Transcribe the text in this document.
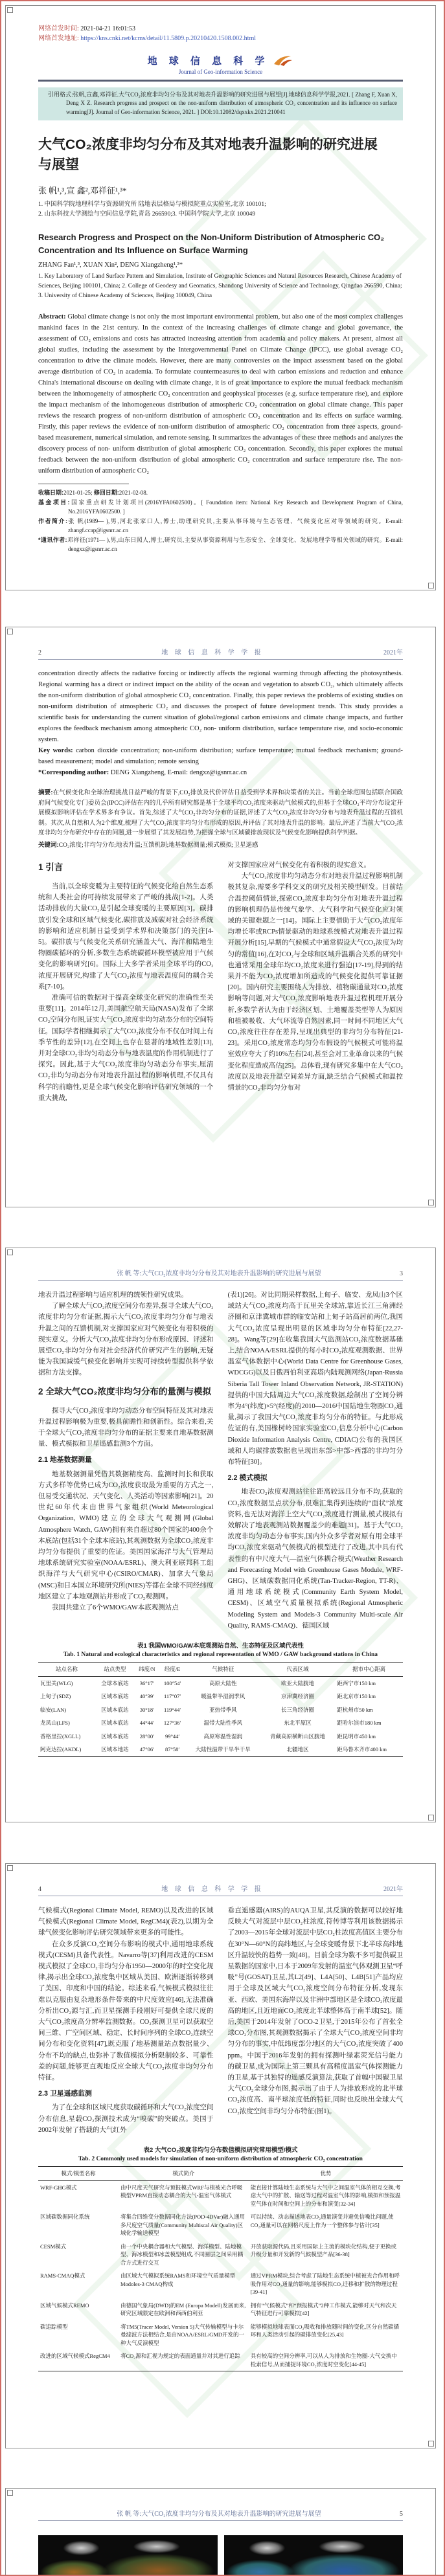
网络首发时间: 2021-04-21 16:01:53
网络首发地址: https://kns.cnki.net/kcms/detail/11.5809.p.20210420.1508.002.html
地 球 信 息 科 学
Journal of Geo-information Science
引用格式:张帆,宣鑫,邓祥征.大气CO₂浓度非均匀分布及其对地表升温影响的研究进展与展望[J].地球信息科学学报,2021. [ Zhang F, Xuan X, Deng X Z. Research progress and prospect on the non-uniform distribution of atmospheric CO₂ concentration and its influence on surface warming[J]. Journal of Geo-information Science, 2021. ] DOI:10.12082/dqxxkx.2021.210041
大气CO₂浓度非均匀分布及其对地表升温影响的研究进展与展望
张 帆¹,³,宣 鑫²,邓祥征¹,³*
1. 中国科学院地理科学与资源研究所 陆地表层格局与模拟院重点实验室,北京 100101;
2. 山东科技大学测绘与空间信息学院,青岛 266590;3. 中国科学院大学,北京 100049
Research Progress and Prospect on the Non-Uniform Distribution of Atmospheric CO₂ Concentration and Its Influence on Surface Warming
ZHANG Fan¹,³, XUAN Xin², DENG Xiangzheng¹,³*
1. Key Laboratory of Land Surface Pattern and Simulation, Institute of Geographic Sciences and Natural Resources Research, Chinese Academy of Sciences, Beijing 100101, China; 2. College of Geodesy and Geomatics, Shandong University of Science and Technology, Qingdao 266590, China; 3. University of Chinese Academy of Sciences, Beijing 100049, China
Abstract: Global climate change is not only the most important environmental problem, but also one of the most complex challenges mankind faces in the 21st century. In the context of the increasing challenges of climate change and global governance, the assessment of CO₂ emissions and costs has attracted increasing attention from academia and policy makers. At present, almost all global studies, including the assessment by the Intergovernmental Panel on Climate Change (IPCC), use global average CO₂ concentration to drive the climate models. However, there are many controversies on the impact assessment based on the global average distribution of CO₂ in academia. To formulate countermeasures to deal with carbon emissions and reduction and enhance China's international discourse on dealing with climate change, it is of great importance to explore the mutual feedback mechanism between the inhomogeneity of atmospheric CO₂ concentration and geophysical processes (e.g. surface temperature rise), and explore the impact mechanism of the inhomogeneous distribution of atmospheric CO₂ concentration on global climate change. This paper reviews the research progress of non-uniform distribution of atmospheric CO₂ concentration and its effects on surface warming. Firstly, this paper reviews the evidence of non-uniform distribution of atmospheric CO₂ concentration from three aspects, ground-based measurement, numerical simulation, and remote sensing. It summarizes the advantages of these three methods and analyzes the discovery process of non- uniform distribution of global atmospheric CO₂ concentration. Secondly, this paper explores the mutual feedback between the non-uniform distribution of global atmospheric CO₂ concentration and surface temperature rise. The non-uniform distribution of atmospheric CO₂
收稿日期:2021-01-25; 修回日期:2021-02-08.
基金项目:国家重点研发计划项目(2016YFA0602500)。[ Foundation item: National Key Research and Development Program of China, No.2016YFA0602500. ]
作者简介:张 帆(1989— ),男,河北张家口人,博士,助理研究员,主要从事环境与生态管理、气候变化应对等领域的研究。E-mail: zhangf.ccap@igsnrr.ac.cn
*通讯作者:邓祥征(1971— ),男,山东日照人,博士,研究员,主要从事资源利用与生态安全、全球变化、发展地理学等相关领域的研究。E-mail: dengxz@igsnrr.ac.cn
2	地 球 信 息 科 学 学 报	2021年
concentration directly affects the radiative forcing or indirectly affects the regional warming through affecting the photosynthesis. Regional warming has a direct or indirect impact on the ability of the ocean and vegetation to absorb CO₂, which ultimately affects the non-uniform distribution of global atmospheric CO₂ concentration. Finally, this paper reviews the problems of existing studies on non-uniform distribution of atmospheric CO₂ and discusses the prospect of future development trends. This study provides a scientific basis for understanding the current situation of global/regional carbon emissions and climate change impacts, and further explores the feedback mechanism among atmospheric CO₂ non- uniform distribution, surface temperature rise, and socio-economic system.
Key words: carbon dioxide concentration; non-uniform distribution; surface temperature; mutual feedback mechanism; ground-based measurement; model and simulation; remote sensing
*Corresponding author: DENG Xiangzheng, E-mail: dengxz@igsnrr.ac.cn
摘要:在气候变化和全球治理挑战日益严峻的背景下,CO₂排放及代价评估日益受到学术界和决策者的关注。当前全球范围包括联合国政府间气候变化专门委员会(IPCC)评估在内的几乎所有研究都是基于全球平均CO₂浓度来驱动气候模式的,但基于全球CO₂平均分布设定开展模拟影响评估在学术界多有争议。首先,综述了大气CO₂非均匀分布的证据,评述了大气CO₂浓度非均匀分布与地表升温过程的互馈机制。其次,从自然和人为2个维度,梳理了大气CO₂浓度非均匀分布形成的原因,并评估了其对地表升温的影响。最后,评述了当前大气CO₂浓度非均匀分布研究中存在的问题,进一步展望了其发展趋势,为把握全球与区域碳排放现状及气候变化影响提供科学判据。
关键词:CO₂浓度;非均匀分布;地表升温;互馈机制;地基数据测量;模式模拟;卫星遥感
1 引言

当前,以全球变暖为主要特征的气候变化给自然生态系统和人类社会的可持续发展带来了严峻的挑战[1-2]。人类活动排放的大量CO₂是引起全球变暖的主要原因[3]。碳排放引发全球和区域气候变化,碳排放及减碳对社会经济系统的影响和适应机制日益受到学术界和决策部门的关注[4-5]。碳排放与气候变化关系研究涵盖大气、海洋和陆地生物圈碳循环的分析,多数生态系统碳循环模型被应用于气候变化的影响研究[6]。国际上大多学者采用全球平均的CO₂浓度开展研究,构建了大气CO₂浓度与地表温度间的耦合关系[7-10]。

准确可信的数据对于提高全球变化研究的准确性至关重要[11]。2014年12月,美国航空航天局(NASA)发布了全球CO₂空间分布图,证实大气CO₂浓度非均匀动态分布的空间特征。国际学者相继揭示了大气CO₂浓度分布不仅在时间上有季节性的差异[12],在空间上也存在显著的地域性差别[13],并对全球CO₂非均匀动态分布与地表温度的作用机制进行了探究。因此,基于大气CO₂浓度非均匀动态分布事实,厘清CO₂非均匀动态分布对地表升温过程的影响机理,不仅具有科学的前瞻性,更是全球气候变化影响评估研究领域的一个重大挑战,

对支撑国家应对气候变化有着积极的现实意义。

大气CO₂浓度非均匀动态分布对地表升温过程影响机制极其复杂,需要多学科交叉的研究及相关模型研发。目前结合温控阈值情景,探索CO₂浓度非均匀分布对地表升温过程的影响机理仍是传统气象学、大气科学和气候变化应对领域的关键难题之一[14]。国际上主要借助于大气CO₂浓度年均增长率或RCPs情景驱动的地球系统模式对地表升温过程开展分析[15],早期的气候模式中通常假设大气CO₂浓度为均匀的常值[16],在对CO₂与全球和区域升温耦合关系的研究中也通常采用全球年均CO₂浓度来进行强迫[17-19],得到的结果并不能为CO₂浓度增加所造成的气候变化提供可靠证据[20]。国内研究主要围绕人为排放、植物碳通量对CO₂浓度影响等问题,对大气CO₂浓度影响地表升温过程机理开展分析,多数学者认为由于经济区划、土地覆盖类型等人为原因和植被吸收、大气环流等自然因素,同一时间不同地区大气CO₂浓度往往存在差异,呈现出典型的非均匀分布特征[21-23]。采用CO₂浓度常态均匀分布假设的气候模式可能将温室效应夸大了约10%左右[24],甚至会对工业革命以来的气候变化程度造成高估[25]。总体看,现有研究多集中在大气CO₂浓度以及地表升温空间差异方面,缺乏结合气候模式和温控情景的CO₂非均匀分布对

张 帆 等:大气CO₂浓度非均匀分布及其对地表升温影响的研究进展与展望	3

地表升温过程影响与适应机理的统领性研究成果。

了解全球大气CO₂浓度空间分布差异,探寻全球大气CO₂浓度非均匀分布证据,揭示大气CO₂浓度非均匀分布与地表升温之间的互馈机制,对支撑国家应对气候变化有着积极的现实意义。分析大气CO₂浓度非均匀分布形成原因、评述和展望CO₂非均匀分布对社会经济代价研究产生的影响,无疑能为我国减缓气候变化影响并实现可持续转型提供科学依据和方法支撑。

2 全球大气CO₂浓度非均匀分布的量测与模拟

探寻大气CO₂浓度非均匀动态分布空间特征及其对地表升温过程影响极为重要,极具前瞻性和创新性。综合来看,关于全球大气CO₂浓度非均匀分布的证据主要来自地基数据测量、模式模拟和卫星遥感监测3个方面。

2.1 地基数据测量

地基数据测量凭借其数据精度高、监测时间长和获取方式多样等优势已成为CO₂浓度获取最为重要的方式之一,但易受交通状况、天气变化、人类活动等因素影响[21]。20世纪60年代末由世界气象组织(World Meteorological Organization, WMO)建立的全球大气观测网(Global Atmosphere Watch, GAW)拥有来自超过80个国家的400余个本底站(包括31个全球本底站),其观测数据为全球CO₂浓度非均匀分布提供了重要的佐证。美国国家海洋与大气管理局地球系统研究实验室(NOAA/ESRL)、澳大利亚联邦科工组织海洋与大气研究中心(CSIRO/CMAR)、加拿大气象局(MSC)和日本国立环境研究所(NIES)等都在全球不同经纬度地区建立了本地观测站并形成了CO₂观测网。

我国共建立了6个WMO/GAW本底观测站点

(表1)[26]。对比同期采样数据,上甸子、临安、龙凤山3个区域站大气CO₂浓度均高于瓦里关全球站,靠近长江三角洲经济圈和京津冀城市群的临安站和上甸子站高居前两位,我国大气CO₂浓度呈现出明显的区域非均匀分布特征[22,27-28]。Wang等[29]在收集我国大气监测站CO₂浓度数据基础上,结合NOAA/ESRL提供的每小时CO₂浓度观测数据、世界温室气体数据中心(World Data Centre for Greenhouse Gases, WDCGG)以及日俄西伯利亚高塔内陆观测网络(Japan-Russia Siberia Tall Tower Inland Observation Network, JR-STATION)提供的中国大陆周边大气CO₂浓度数据,绘制出了空间分辨率为4°(纬度)×5°(经度)的2010—2016中国陆地生物圈CO₂通量,揭示了我国大气CO₂浓度非均匀分布的特征。与此形成佐证的有,美国橡树岭国家实验室CO₂信息分析中心(Carbon Dioxide Information Analysis Centre, CDIAC)公布的我国区域和人均碳排放数据也呈现出东部>中部>西部的非均匀分布特征[30]。

2.2 模式模拟

地表CO₂浓度观测站往往距离较远且分布不均,获取的CO₂浓度数据呈点状分布,很难汇集得到连续的“面状”浓度资料,也无法对海洋上空大气CO₂浓度进行测量,模式模拟有效解决了地表观测站数据覆盖少的难题[31]。基于大气CO₂浓度非均匀动态分布事实,国内外众多学者对原有用全球平均CO₂浓度来驱动气候模式的模型进行了改进,其中具有代表性的有中尺度大气—温室气体耦合模式(Weather Research and Forecasting Model with Greenhouse Gases Module, WRF-GHG)、区域碳数据同化系统(Tan-Tracker-Region, TT-R)、通用地球系统模式(Community Earth System Model, CESM)、区域空气质量模拟系统(Regional Atmospheric Modeling System and Models-3 Community Multi-scale Air Quality, RAMS-CMAQ)、德国区域

表1 我国WMO/GAW本底观测站自然、生态特征及区域代表性
Tab. 1 Natural and ecological characteristics and regional representation of WMO / GAW background stations in China
站点名称	站点类型	纬度/N	经度/E	气候特征	代表区域	据市中心距离
瓦里关(WLG)	全球本底站	36°17′	100°54′	高原大陆性	欧亚大陆腹地	距西宁市150 km
上甸子(SDZ)	区域本底站	40°39′	117°07′	暖温带半湿润季风	京津冀经济圈	距北京市150 km
临安(LAN)	区域本底站	30°18′	119°44′	亚热带季风	长三角经济圈	距杭州市50 km
龙凤山(LFS)	区域本底站	44°44′	127°36′	温带大陆性季风	东北平原区	距哈尔滨市180 km
香格里拉(XGLL)	区域本底站	28°00′	99°44′	高原寒温性湿润	青藏高原横断山区腹地	距昆明市450 km
阿克达拉(AKDL)	区域本地站	47°06′	87°58′	大陆性温带干旱半干旱	北疆地区	距乌鲁木齐市400 km
4	地 球 信 息 科 学 学 报	2021年

气候模式(Regional Climate Model, REMO)以及改进的区域气候模式(Regional Climate Model, RegCM4)(表2),以期为全球气候变化影响评估研究领域带来更多的可能性。

在众多反演CO₂空间分布影响的模式中,通用地球系统模式(CESM)具备代表性。Navarro等[37]利用改进的CESM模式模拟了全球CO₂非均匀分布1950—2000年的时空变化规律,揭示出全球CO₂浓度集中区域从美国、欧洲逐渐转移到了美国、印度和中国的结论。综述来看,气候模式模拟往往难以克服由复杂地形条件带来的中尺度效应[46],无法准确分析出CO₂源与汇,而卫星探测手段刚好可提供全球尺度的大气CO₂浓度高分辨率监测数据。CO₂探测卫星可以获取空间三维、广空间区域、稳定、长时间序列的全球CO₂连续空间分布和变化资料[47],既克服了地基测量站点数据量少、分布不均的缺点,也弥补了数值模拟分析限制较多、可靠性差的问题,能够更直观地反应全球大气CO₂浓度非均匀分布特征。

2.3 卫星遥感监测

为了在全球和区域尺度获取碳循环和大气CO₂浓度空间分布信息,星载CO₂探测技术成为“嗅碳”的突破点。美国于2002年发射了搭载的大气红外

垂直遥感器(AIRS)的AUQA卫星,其反演的数据可以较好地反映大气对流层中层CO₂柱浓度,符传博等利用该数据揭示了2003—2015年全球对流层中层CO₂柱浓度高值区主要分布在30°N—60°N的高纬地区,与全球变暖背景下北半球高纬地区升温较快的趋势一致[48]。目前全球为数不多可提供碳卫星数据的国家中,日本于2009年发射的温室气体观测卫星“呼吸”号(GOSAT)卫星,其L2[49]、L4A[50]、L4B[51]产品均应用于全球及区域大气CO₂浓度空间分布特征分析,发现东亚、西欧、美国东海岸以及非洲中部地区是全球CO₂浓度最高的地区,且近地面CO₂浓度北半球整体高于南半球[52]。随后,美国于2014年发射了OCO-2卫星,于2015年公布了首张全球CO₂分布图,其观测数据揭示了全球大气CO₂浓度空间非均匀分布的事实,中低纬度部分地区的大气CO₂浓度突破了400 ppm。中国于2016年发射的拥有探测叶绿素荧光信号能力的碳卫星,成为国际上第三颗具有高精度温室气体探测能力的卫星,基于其独特的遥感反演算法,获取了首幅中国碳卫星大气CO₂全球分布图,揭示出了由于人为排放形成的北半球CO₂浓度高、南半球浓度低的特征,同时也反映出全球大气CO₂浓度空间非均匀分布特征(图1)。

表2 大气CO₂浓度非均匀分布数值模拟研究常用模型/模式
Tab. 2 Commonly used models for simulation of non-uniform distribution of atmospheric CO₂ concentration
模式/模型名称	模式简介	优势
WRF-GHG模式	由中尺度天气研究与预报模式WRF与植被光合呼吸模型VPRM直接动态耦合的大气-温室气体模式	能直接计算陆地生态系统与大气中之间温室气体的相互交换,考虑大气中的扩散、输送等过程对温室气体的影响,模拟和预报温室气体在时间和空间上的分布和演变[32-34]
区域碳数据同化系统	将集合四维变分数据同化方法(POD-4DVar)融入通用多尺度空气质量(Community Multiscal Air Quality)区域化学输送模型	可以持续、动态描述地表CO₂通量演变并避免信噪比问题,使CO₂通量可以在网格尺度上作为一个整体参与估计[35]
CESM模式	由一个中央耦合器和大气模型、海洋模型、陆地模型、海冰模型和冰盖模型组成,不同圈层之间采用耦合方式进行交互	开放获取源代码,且采用国际上主流的模块化结构,便于更换或升级分量和开发新的气候模型产品[36-38]
RAMS-CMAQ模式	由区域大气模拟系统RAMS和环境空气质量模型Modoles-3 CMAQ构成	通过VPRM模块,综合考虑了陆地生态系统中植被光合作用和呼吸作用对CO₂通量的影响,能够模拟CO₂迁移和扩散的物理过程[39-41]
区域气候模式REMO	由德国气象局(DWD)的EM (Europa Modell)发展而来,研究区域限定在欧洲和西西伯利亚	拥有“气候模式”和“预报模式”2种工作模式,能够对天气和次天气特征进行可靠模拟[42]
碳追踪模型	将TM5(Tracer Model, Version 5)大气传输模型与卡尔曼滤波方法相结合,是由NOAA/ESRL/GMD开发的一种大气反演模型	能够模拟地球表面CO₂吸收和排放随时间的变化,区分自然碳循环和人类活动引起的碳排放变化[25,43]
改进的区域气候模式RegCM4	将CO₂源和汇视为规定的表面通量并对其进行追踪	具有较高的空间分辨率,可以从人为排放和生物圈-大气交换中检索信号,从而捕捉环境CO₂浓度时空变化[44-45]
张 帆 等:大气CO₂浓度非均匀分布及其对地表升温影响的研究进展与展望	5
